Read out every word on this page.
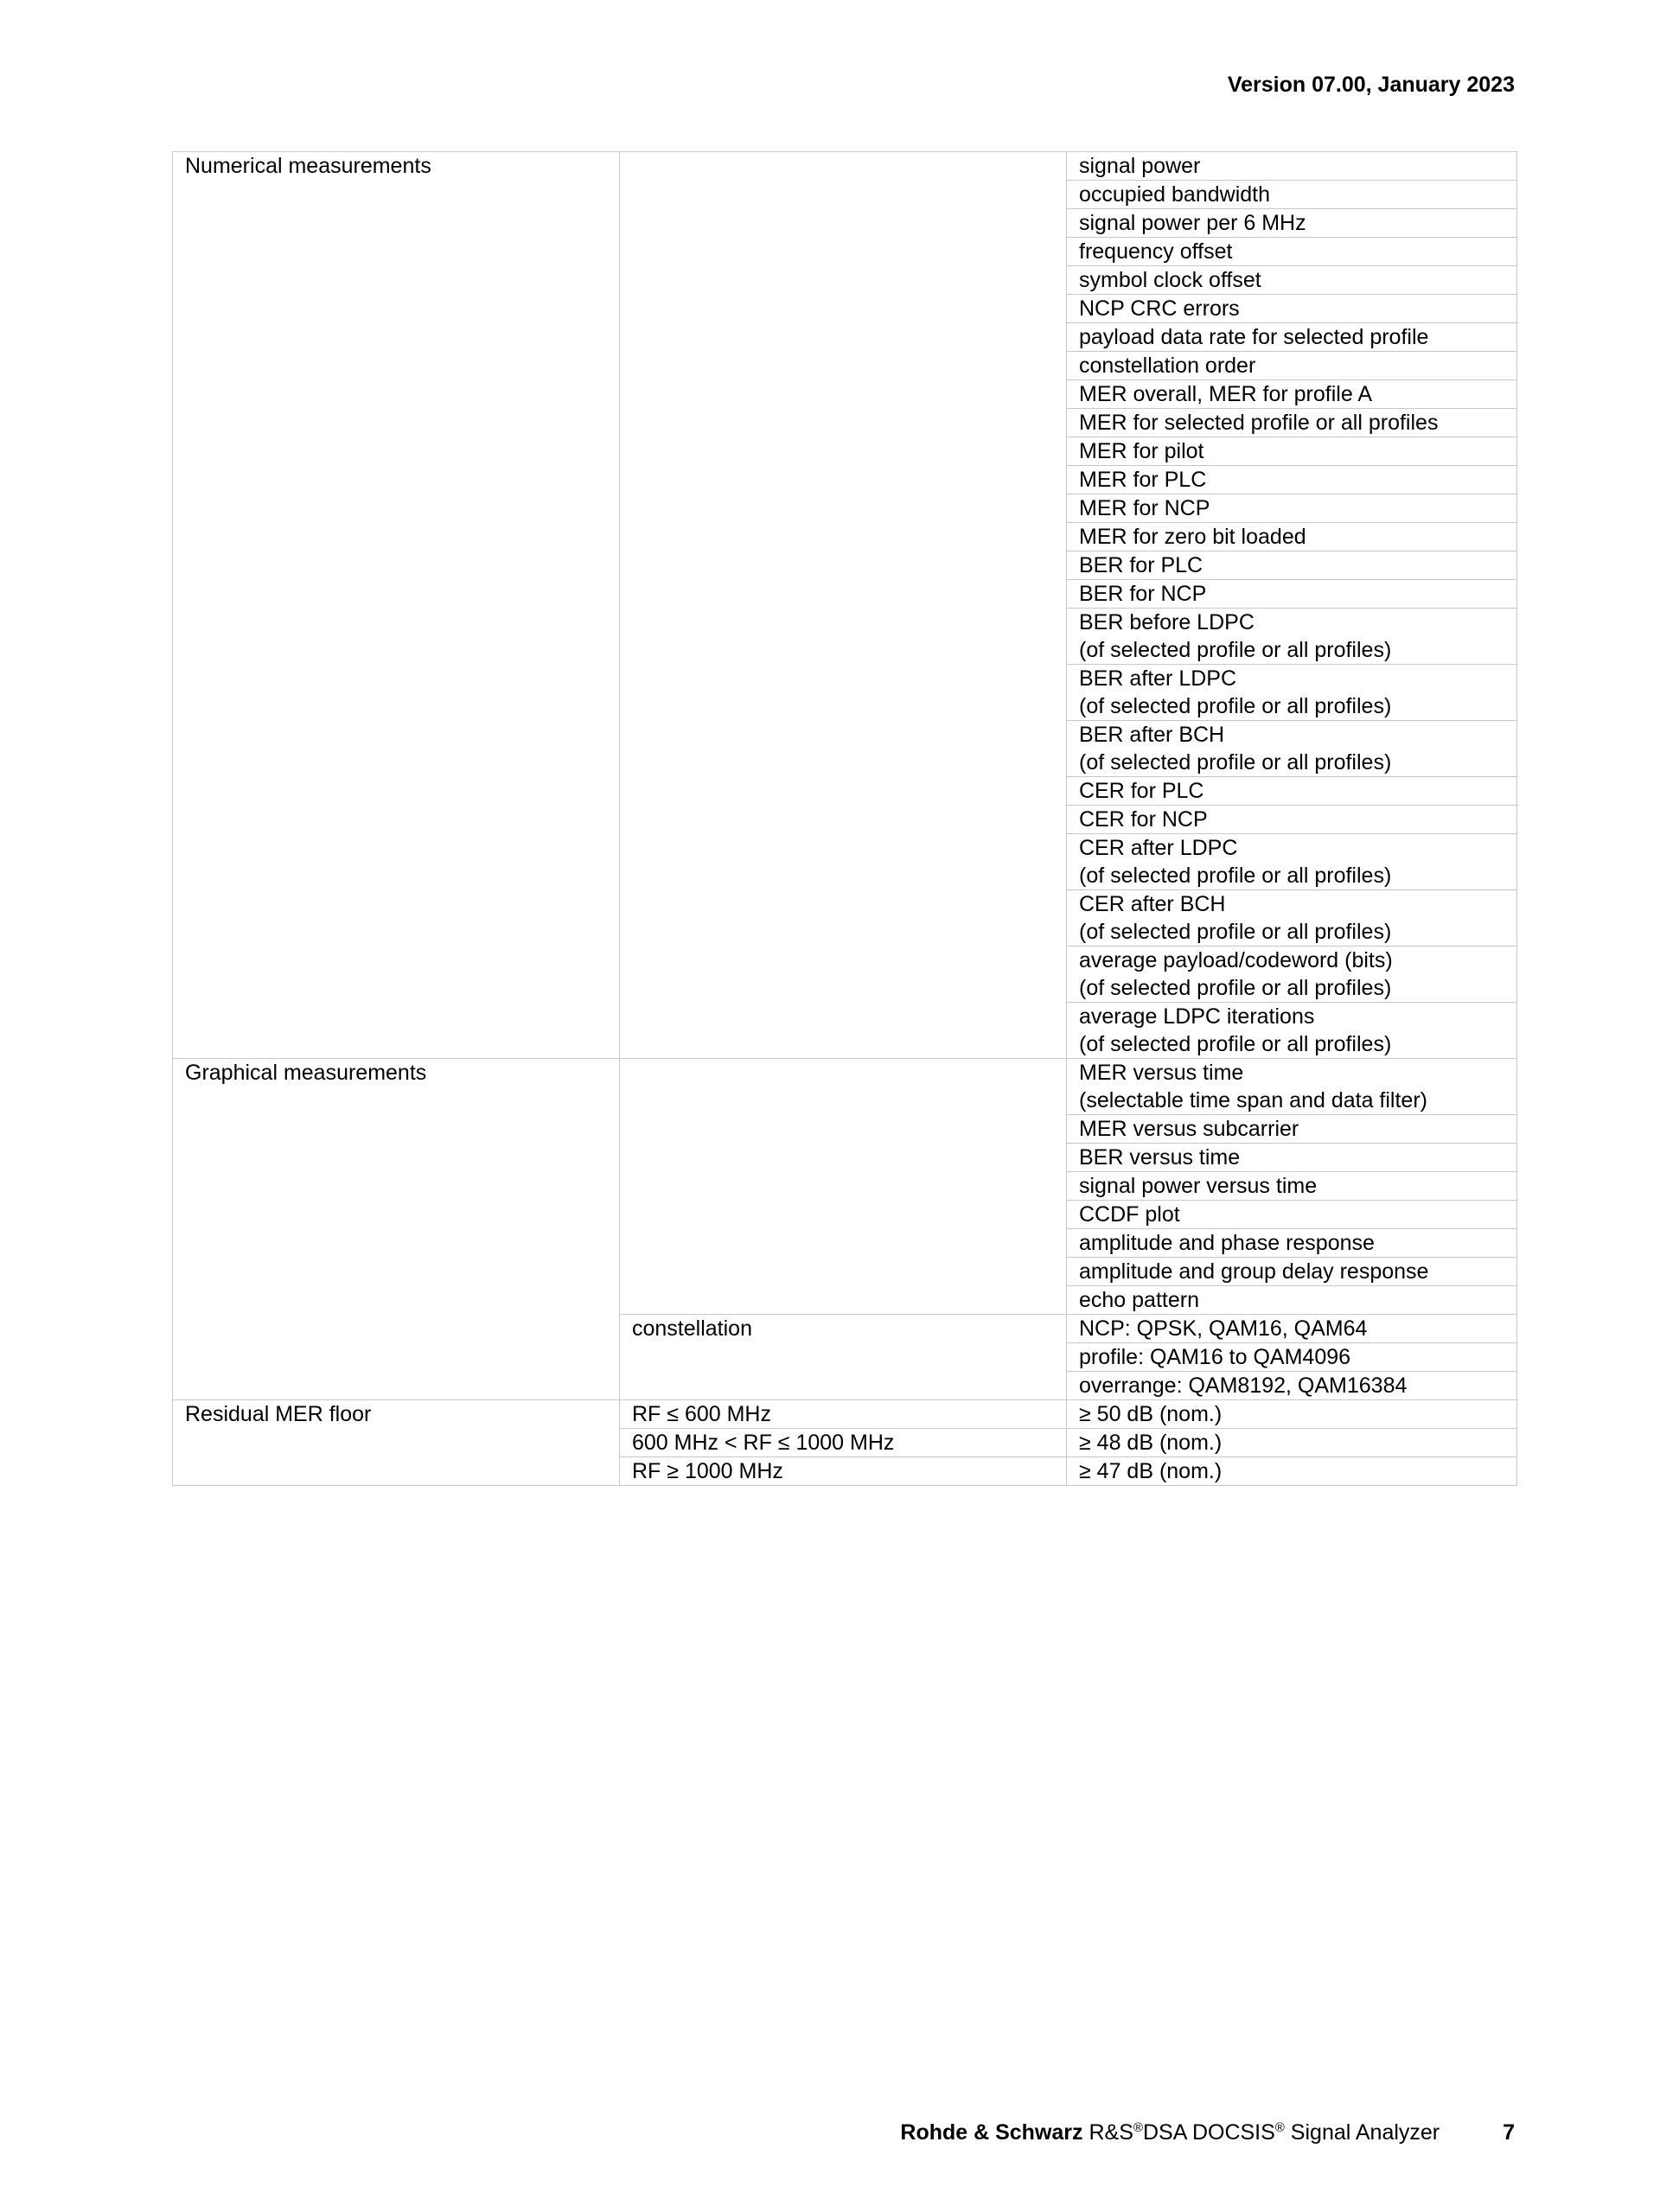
Version 07.00, January 2023
Numerical measurements		signal power

		occupied bandwidth

		signal power per 6 MHz

		frequency offset

		symbol clock offset

		NCP CRC errors

		payload data rate for selected profile

		constellation order

		MER overall, MER for profile A

		MER for selected profile or all profiles

		MER for pilot

		MER for PLC

		MER for NCP

		MER for zero bit loaded

		BER for PLC

		BER for NCP

		BER before LDPC
(of selected profile or all profiles)

		BER after LDPC
(of selected profile or all profiles)

		BER after BCH
(of selected profile or all profiles)

		CER for PLC

		CER for NCP

		CER after LDPC
(of selected profile or all profiles)

		CER after BCH
(of selected profile or all profiles)

		average payload/codeword (bits)
(of selected profile or all profiles)

		average LDPC iterations
(of selected profile or all profiles)

Graphical measurements		MER versus time
(selectable time span and data filter)

		MER versus subcarrier

		BER versus time

		signal power versus time

		CCDF plot

		amplitude and phase response

		amplitude and group delay response

		echo pattern

	constellation	NCP: QPSK, QAM16, QAM64

		profile: QAM16 to QAM4096

		overrange: QAM8192, QAM16384

Residual MER floor	RF ≤ 600 MHz	≥ 50 dB (nom.)

	600 MHz < RF ≤ 1000 MHz	≥ 48 dB (nom.)

	RF ≥ 1000 MHz	≥ 47 dB (nom.)
Rohde & Schwarz R&S®DSA DOCSIS® Signal Analyzer	7
